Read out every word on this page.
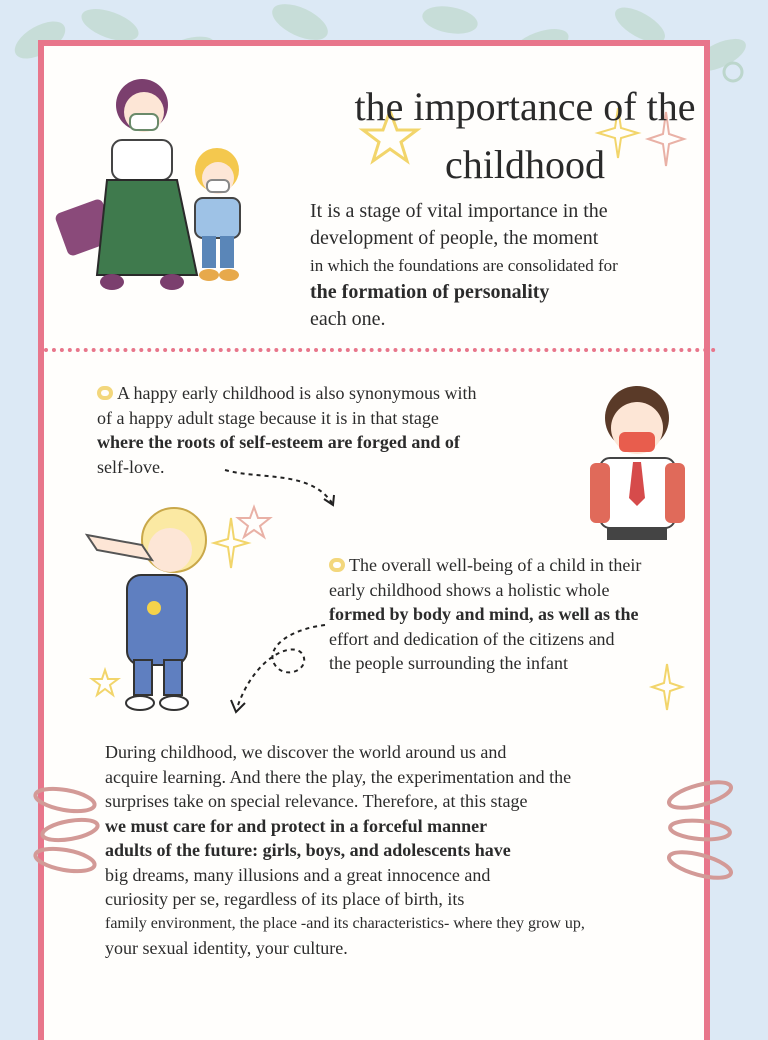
the importance of the
childhood
It is a stage of vital importance in the
development of people, the moment
in which the foundations are consolidated for
the formation of personality
each one.
A happy early childhood is also synonymous with
of a happy adult stage because it is in that stage
where the roots of self-esteem are forged and of
self-love.
The overall well-being of a child in their
early childhood shows a holistic whole
formed by body and mind, as well as the
effort and dedication of the citizens and
the people surrounding the infant
During childhood, we discover the world around us and
acquire learning. And there the play, the experimentation and the
surprises take on special relevance. Therefore, at this stage
we must care for and protect in a forceful manner
adults of the future: girls, boys, and adolescents have
big dreams, many illusions and a great innocence and
curiosity per se, regardless of its place of birth, its
family environment, the place -and its characteristics- where they grow up,
your sexual identity, your culture.
